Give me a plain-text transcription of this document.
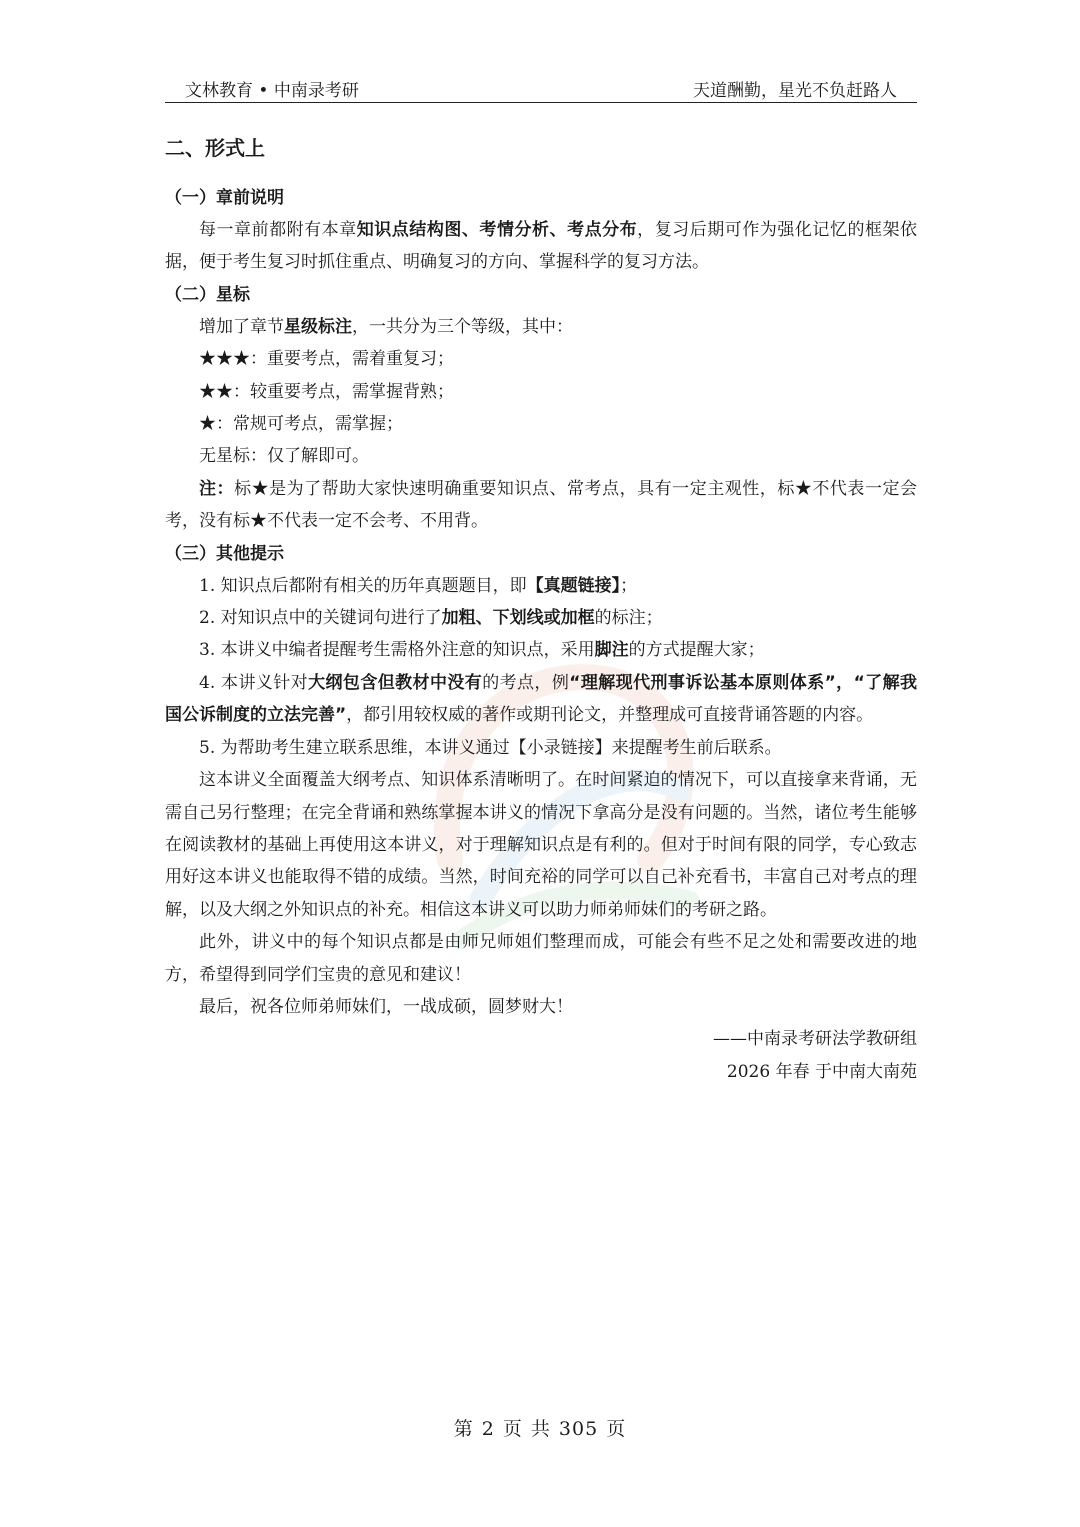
文林教育 • 中南录考研	天道酬勤，星光不负赶路人
二、形式上
（一）章前说明

每一章前都附有本章知识点结构图、考情分析、考点分布，复习后期可作为强化记忆的框架依据，便于考生复习时抓住重点、明确复习的方向、掌握科学的复习方法。

（二）星标

增加了章节星级标注，一共分为三个等级，其中：

★★★：重要考点，需着重复习；

★★：较重要考点，需掌握背熟；

★：常规可考点，需掌握；

无星标：仅了解即可。

注：标★是为了帮助大家快速明确重要知识点、常考点，具有一定主观性，标★不代表一定会考，没有标★不代表一定不会考、不用背。

（三）其他提示

1. 知识点后都附有相关的历年真题题目，即【真题链接】；

2. 对知识点中的关键词句进行了加粗、下划线或加框的标注；

3. 本讲义中编者提醒考生需格外注意的知识点，采用脚注的方式提醒大家；

4. 本讲义针对大纲包含但教材中没有的考点，例“理解现代刑事诉讼基本原则体系”，“了解我国公诉制度的立法完善”，都引用较权威的著作或期刊论文，并整理成可直接背诵答题的内容。

5. 为帮助考生建立联系思维，本讲义通过【小录链接】来提醒考生前后联系。

这本讲义全面覆盖大纲考点、知识体系清晰明了。在时间紧迫的情况下，可以直接拿来背诵，无需自己另行整理；在完全背诵和熟练掌握本讲义的情况下拿高分是没有问题的。当然，诸位考生能够在阅读教材的基础上再使用这本讲义，对于理解知识点是有利的。但对于时间有限的同学，专心致志用好这本讲义也能取得不错的成绩。当然，时间充裕的同学可以自己补充看书，丰富自己对考点的理解，以及大纲之外知识点的补充。相信这本讲义可以助力师弟师妹们的考研之路。

此外，讲义中的每个知识点都是由师兄师姐们整理而成，可能会有些不足之处和需要改进的地方，希望得到同学们宝贵的意见和建议！

最后，祝各位师弟师妹们，一战成硕，圆梦财大！

——中南录考研法学教研组

2026 年春 于中南大南苑

第 2 页 共 305 页
